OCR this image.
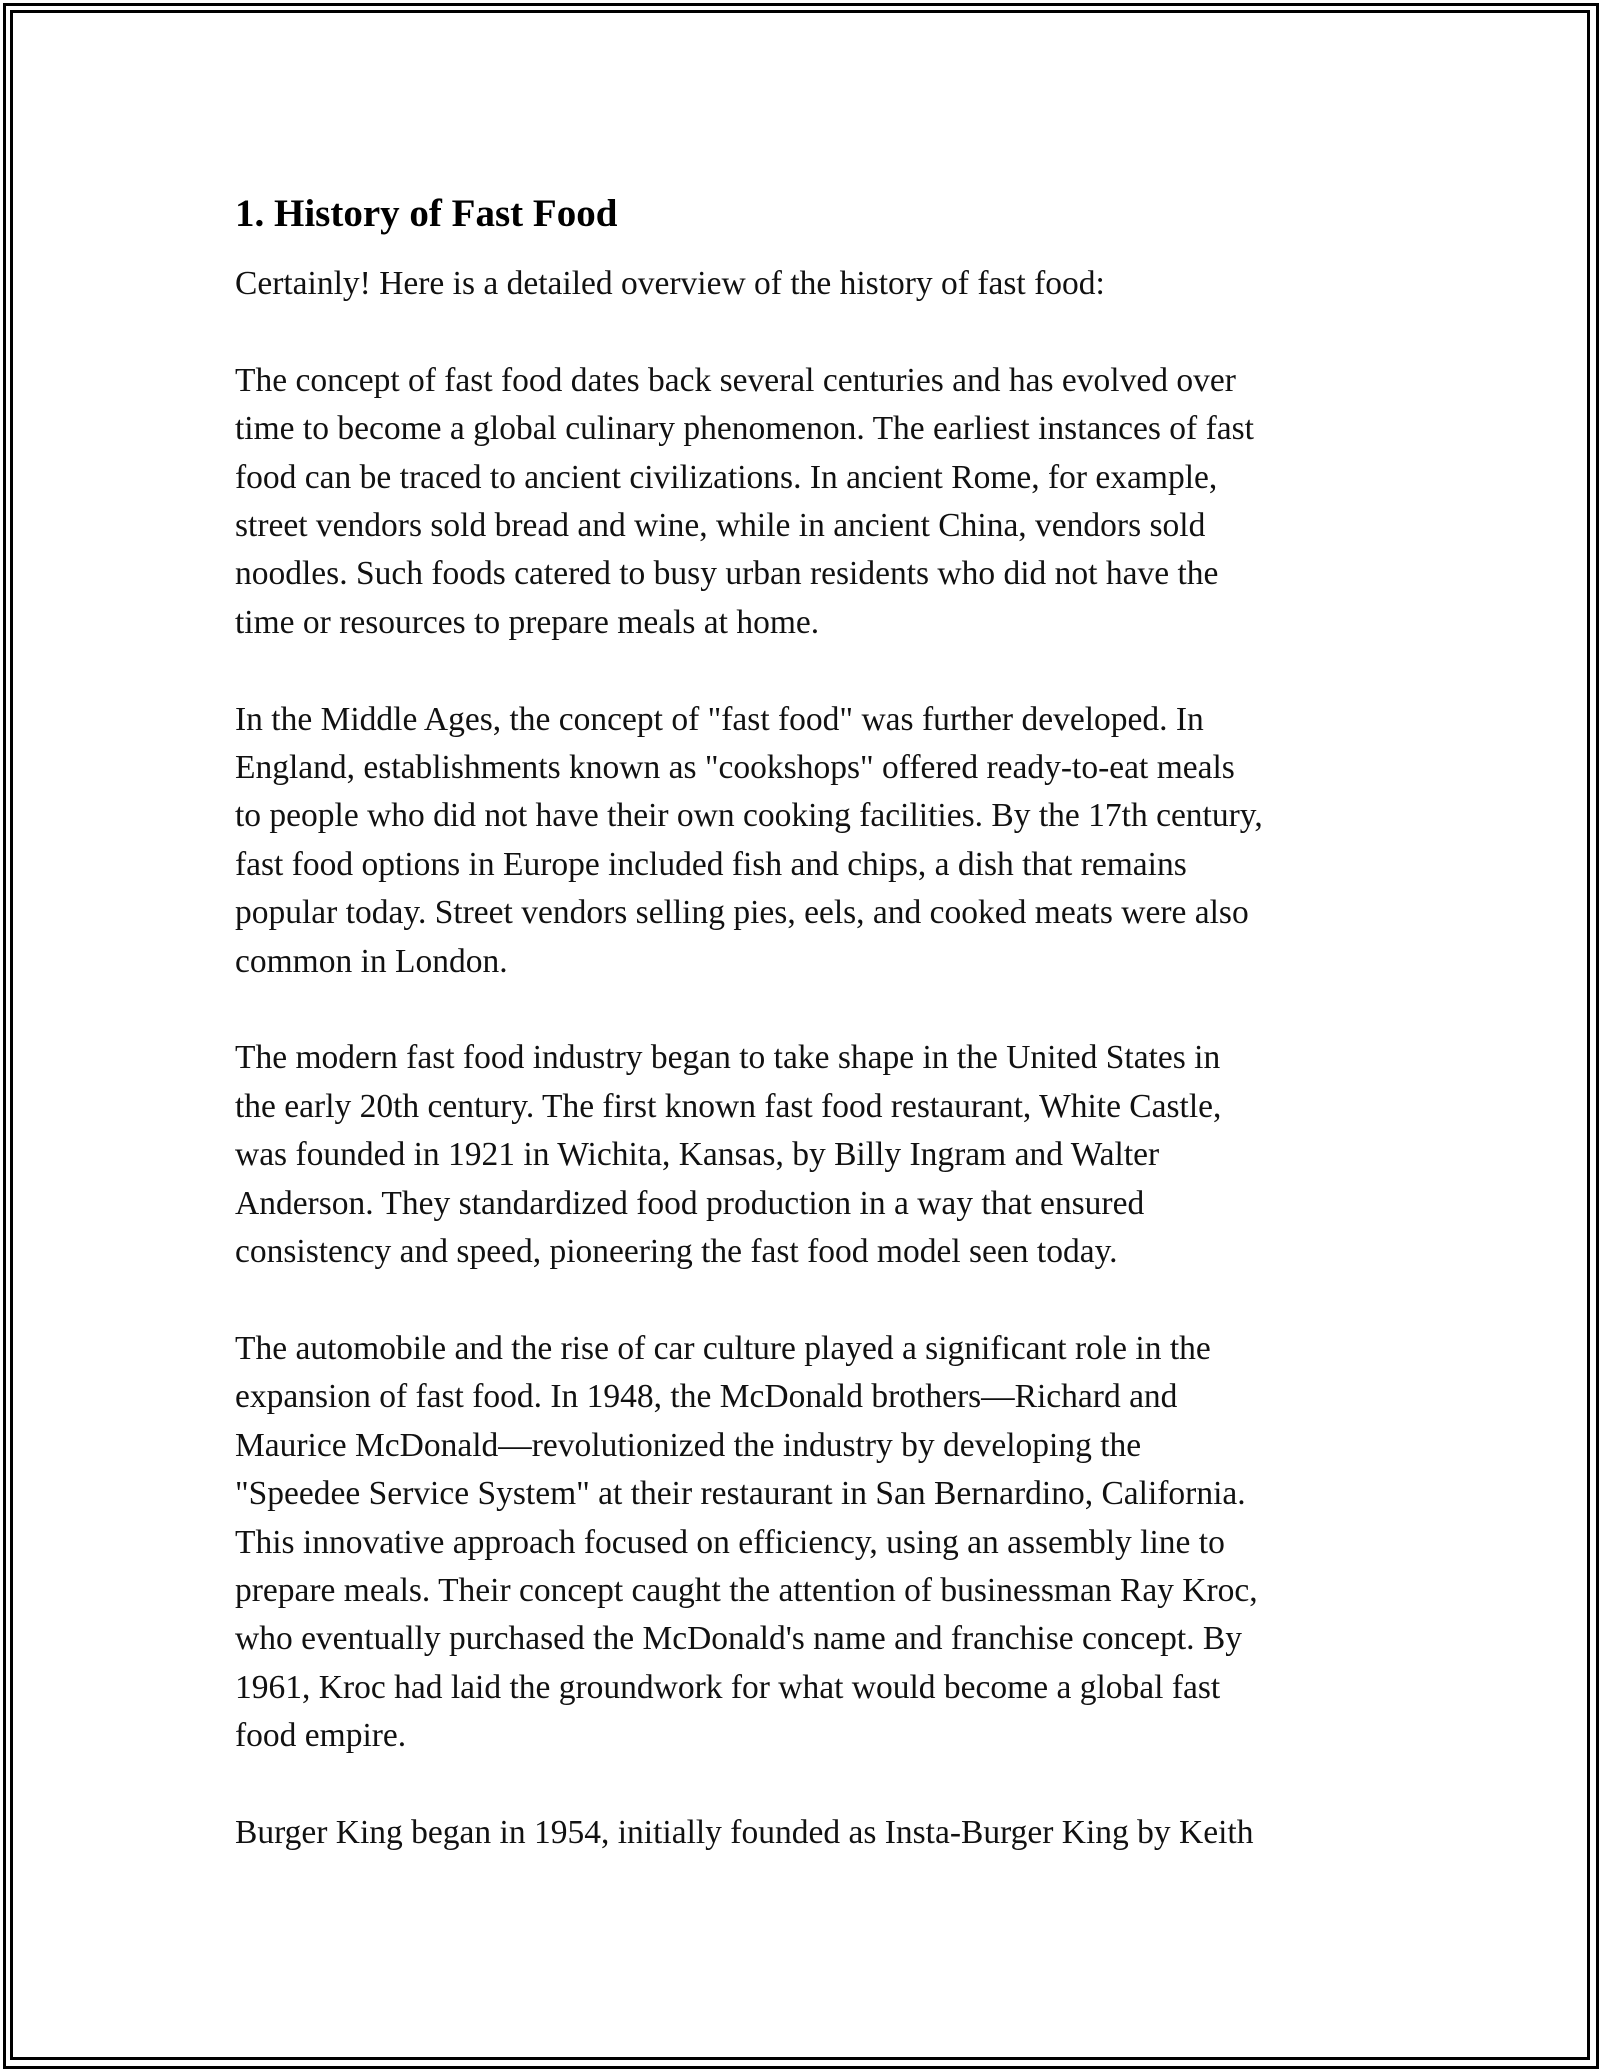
1. History of Fast Food
Certainly! Here is a detailed overview of the history of fast food:
The concept of fast food dates back several centuries and has evolved over
time to become a global culinary phenomenon. The earliest instances of fast
food can be traced to ancient civilizations. In ancient Rome, for example,
street vendors sold bread and wine, while in ancient China, vendors sold
noodles. Such foods catered to busy urban residents who did not have the
time or resources to prepare meals at home.
In the Middle Ages, the concept of "fast food" was further developed. In
England, establishments known as "cookshops" offered ready-to-eat meals
to people who did not have their own cooking facilities. By the 17th century,
fast food options in Europe included fish and chips, a dish that remains
popular today. Street vendors selling pies, eels, and cooked meats were also
common in London.
The modern fast food industry began to take shape in the United States in
the early 20th century. The first known fast food restaurant, White Castle,
was founded in 1921 in Wichita, Kansas, by Billy Ingram and Walter
Anderson. They standardized food production in a way that ensured
consistency and speed, pioneering the fast food model seen today.
The automobile and the rise of car culture played a significant role in the
expansion of fast food. In 1948, the McDonald brothers—Richard and
Maurice McDonald—revolutionized the industry by developing the
"Speedee Service System" at their restaurant in San Bernardino, California.
This innovative approach focused on efficiency, using an assembly line to
prepare meals. Their concept caught the attention of businessman Ray Kroc,
who eventually purchased the McDonald's name and franchise concept. By
1961, Kroc had laid the groundwork for what would become a global fast
food empire.
Burger King began in 1954, initially founded as Insta-Burger King by Keith
